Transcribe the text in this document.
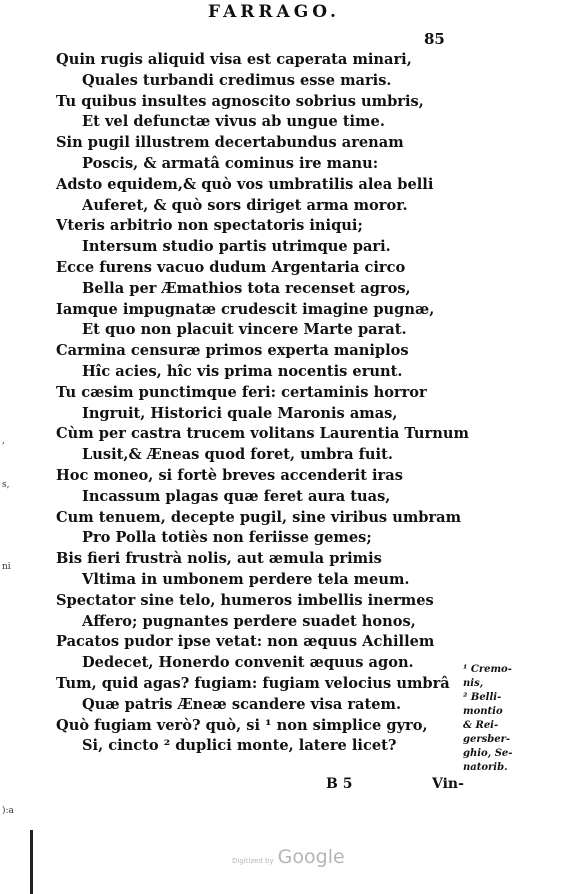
FARRAGO.
85
Quin rugis aliquid visa est caperata minari,
Quales turbandi credimus esse maris.
Tu quibus insultes agnoscito sobrius umbris,
Et vel defunctæ vivus ab ungue time.
Sin pugil illustrem decertabundus arenam
Poscis, & armatâ cominus ire manu:
Adsto equidem,& quò vos umbratilis alea belli
Auferet, & quò sors diriget arma moror.
Vteris arbitrio non spectatoris iniqui;
Intersum studio partis utrimque pari.
Ecce furens vacuo dudum Argentaria circo
Bella per Æmathios tota recenset agros,
Iamque impugnatæ crudescit imagine pugnæ,
Et quo non placuit vincere Marte parat.
Carmina censuræ primos experta maniplos
Hîc acies, hîc vis prima nocentis erunt.
Tu cæsim punctimque feri: certaminis horror
Ingruit, Historici quale Maronis amas,
Cùm per castra trucem volitans Laurentia Turnum
Lusit,& Æneas quod foret, umbra fuit.
Hoc moneo, si fortè breves accenderit iras
Incassum plagas quæ feret aura tuas,
Cum tenuem, decepte pugil, sine viribus umbram
Pro Polla totiès non feriisse gemes;
Bis fieri frustrà nolis, aut æmula primis
Vltima in umbonem perdere tela meum.
Spectator sine telo, humeros imbellis inermes
Affero; pugnantes perdere suadet honos,
Pacatos pudor ipse vetat: non æquus Achillem
Dedecet, Honerdo convenit æquus agon.
Tum, quid agas? fugiam: fugiam velocius umbrâ
Quæ patris Æneæ scandere visa ratem.
Quò fugiam verò? quò, si ¹ non simplice gyro,
Si, cincto ² duplici monte, latere licet?
¹ Cremo-
nis,
² Belli-
montio
& Rei-
gersber-
ghio, Se-
natorib.
B 5	Vin-
,
s,
ni
):a
Digitized by Google
